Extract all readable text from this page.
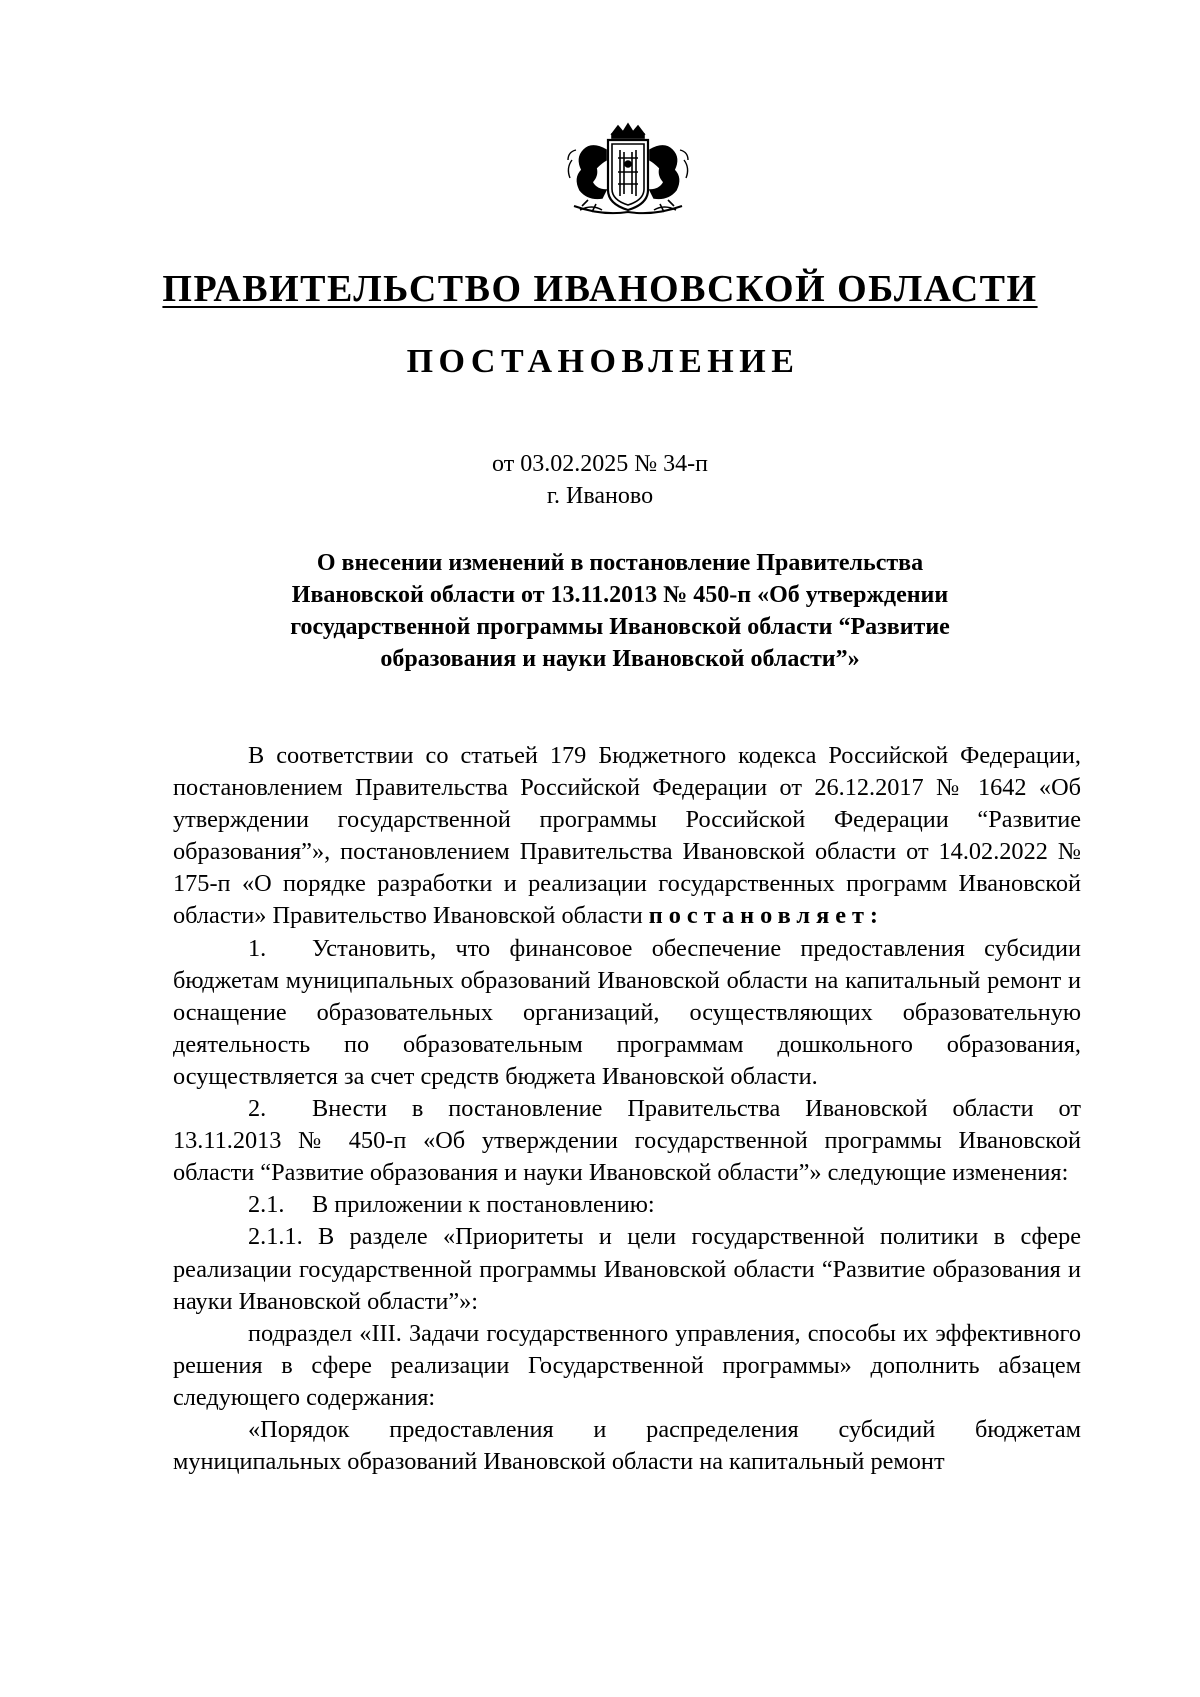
ПРАВИТЕЛЬСТВО ИВАНОВСКОЙ ОБЛАСТИ
ПОСТАНОВЛЕНИЕ
от 03.02.2025 № 34-п
г. Иваново
О внесении изменений в постановление Правительства
Ивановской области от 13.11.2013 № 450-п «Об утверждении
государственной программы Ивановской области “Развитие
образования и науки Ивановской области”»

В соответствии со статьей 179 Бюджетного кодекса Российской Федерации, постановлением Правительства Российской Федерации от 26.12.2017 № 1642 «Об утверждении государственной программы Российской Федерации “Развитие образования”», постановлением Правительства Ивановской области от 14.02.2022 № 175-п «О порядке разработки и реализации государственных программ Ивановской области» Правительство Ивановской области постановляет:

1. Установить, что финансовое обеспечение предоставления субсидии бюджетам муниципальных образований Ивановской области на капитальный ремонт и оснащение образовательных организаций, осуществляющих образовательную деятельность по образовательным программам дошкольного образования, осуществляется за счет средств бюджета Ивановской области.

2. Внести в постановление Правительства Ивановской области от 13.11.2013 № 450-п «Об утверждении государственной программы Ивановской области “Развитие образования и науки Ивановской области”» следующие изменения:

2.1. В приложении к постановлению:

2.1.1. В разделе «Приоритеты и цели государственной политики в сфере реализации государственной программы Ивановской области “Развитие образования и науки Ивановской области”»:

подраздел «III. Задачи государственного управления, способы их эффективного решения в сфере реализации Государственной программы» дополнить абзацем следующего содержания:

«Порядок предоставления и распределения субсидий бюджетам муниципальных образований Ивановской области на капитальный ремонт
